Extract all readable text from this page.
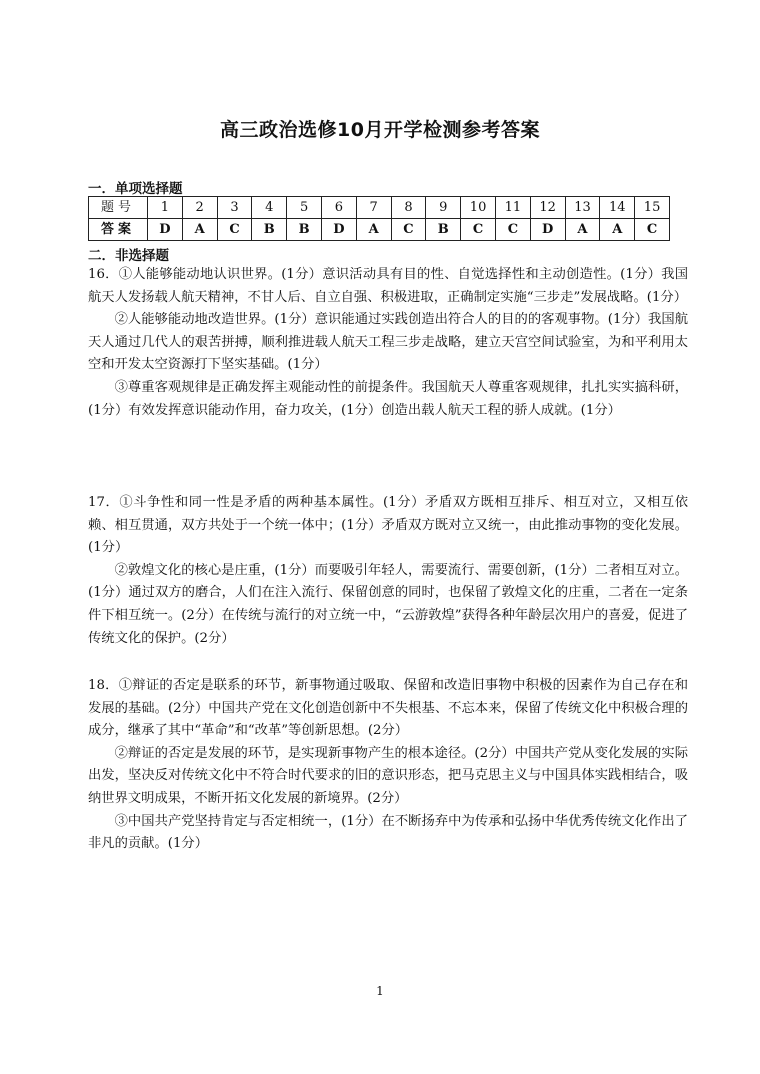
高三政治选修10月开学检测参考答案
一．单项选择题
题号	1	2	3	4	5	6	7	8	9	10	11	12	13	14	15
答案	D	A	C	B	B	D	A	C	B	C	C	D	A	A	C
二．非选择题

16．①人能够能动地认识世界。(1分）意识活动具有目的性、自觉选择性和主动创造性。(1分）我国航天人发扬载人航天精神，不甘人后、自立自强、积极进取，正确制定实施“三步走”发展战略。(1分）

②人能够能动地改造世界。(1分）意识能通过实践创造出符合人的目的的客观事物。(1分）我国航天人通过几代人的艰苦拼搏，顺利推进载人航天工程三步走战略，建立天宫空间试验室，为和平利用太空和开发太空资源打下坚实基础。(1分）

③尊重客观规律是正确发挥主观能动性的前提条件。我国航天人尊重客观规律，扎扎实实搞科研，(1分）有效发挥意识能动作用，奋力攻关，(1分）创造出载人航天工程的骄人成就。(1分）

17．①斗争性和同一性是矛盾的两种基本属性。(1分）矛盾双方既相互排斥、相互对立，又相互依赖、相互贯通，双方共处于一个统一体中；(1分）矛盾双方既对立又统一，由此推动事物的变化发展。(1分）

②敦煌文化的核心是庄重，(1分）而要吸引年轻人，需要流行、需要创新，(1分）二者相互对立。(1分）通过双方的磨合，人们在注入流行、保留创意的同时，也保留了敦煌文化的庄重，二者在一定条件下相互统一。(2分）在传统与流行的对立统一中，“云游敦煌”获得各种年龄层次用户的喜爱，促进了传统文化的保护。(2分）

18．①辩证的否定是联系的环节，新事物通过吸取、保留和改造旧事物中积极的因素作为自己存在和发展的基础。(2分）中国共产党在文化创造创新中不失根基、不忘本来，保留了传统文化中积极合理的成分，继承了其中“革命”和“改革”等创新思想。(2分）

②辩证的否定是发展的环节，是实现新事物产生的根本途径。(2分）中国共产党从变化发展的实际出发，坚决反对传统文化中不符合时代要求的旧的意识形态，把马克思主义与中国具体实践相结合，吸纳世界文明成果，不断开拓文化发展的新境界。(2分）

③中国共产党坚持肯定与否定相统一，(1分）在不断扬弃中为传承和弘扬中华优秀传统文化作出了非凡的贡献。(1分）

1
